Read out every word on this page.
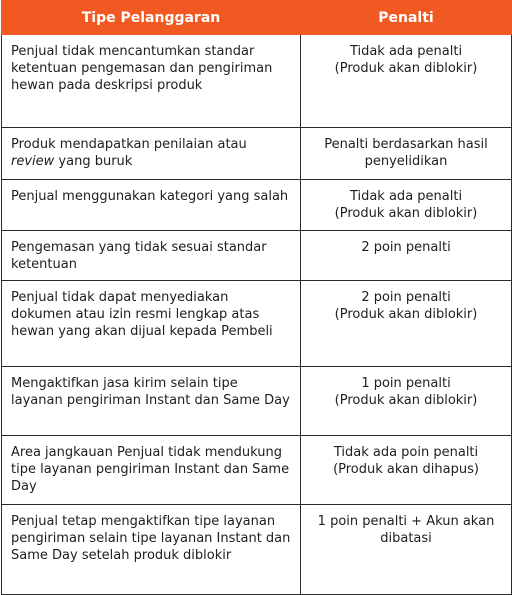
Tipe Pelanggaran	Penalti
Penjual tidak mencantumkan standar ketentuan pengemasan dan pengiriman hewan pada deskripsi produk	Tidak ada penalti
(Produk akan diblokir)
Produk mendapatkan penilaian atau review yang buruk	Penalti berdasarkan hasil
penyelidikan
Penjual menggunakan kategori yang salah	Tidak ada penalti
(Produk akan diblokir)
Pengemasan yang tidak sesuai standar ketentuan	2 poin penalti
Penjual tidak dapat menyediakan dokumen atau izin resmi lengkap atas hewan yang akan dijual kepada Pembeli	2 poin penalti
(Produk akan diblokir)
Mengaktifkan jasa kirim selain tipe layanan pengiriman Instant dan Same Day	1 poin penalti
(Produk akan diblokir)
Area jangkauan Penjual tidak mendukung tipe layanan pengiriman Instant dan Same Day	Tidak ada poin penalti
(Produk akan dihapus)
Penjual tetap mengaktifkan tipe layanan pengiriman selain tipe layanan Instant dan Same Day setelah produk diblokir	1 poin penalti + Akun akan
dibatasi
